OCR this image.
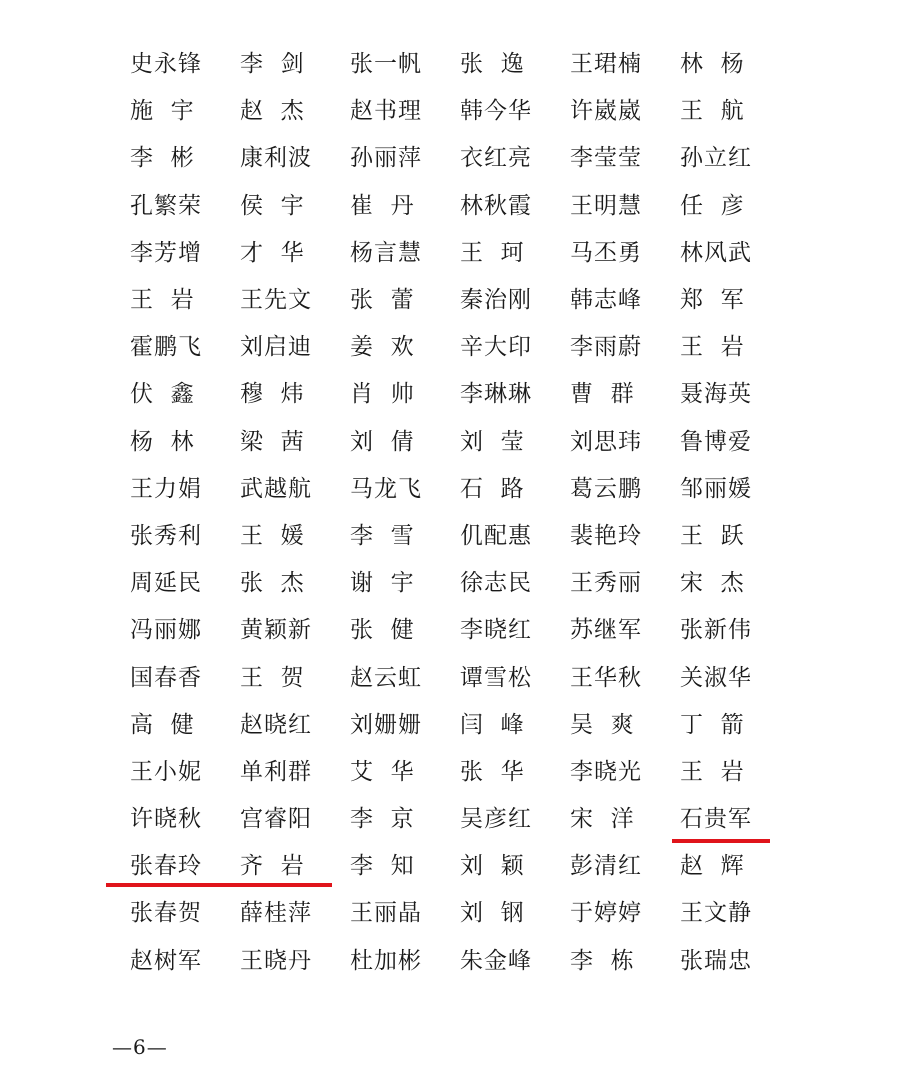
史永锋	李  剑	张一帆	张  逸	王珺楠	林  杨
施  宇	赵  杰	赵书理	韩今华	许崴崴	王  航
李  彬	康利波	孙丽萍	衣红亮	李莹莹	孙立红
孔繁荣	侯  宇	崔  丹	林秋霞	王明慧	任  彦
李芳增	才  华	杨言慧	王  珂	马丕勇	林风武
王  岩	王先文	张  蕾	秦治刚	韩志峰	郑  军
霍鹏飞	刘启迪	姜  欢	辛大印	李雨蔚	王  岩
伏  鑫	穆  炜	肖  帅	李琳琳	曹  群	聂海英
杨  林	梁  茜	刘  倩	刘  莹	刘思玮	鲁博爱
王力娟	武越航	马龙飞	石  路	葛云鹏	邹丽媛
张秀利	王  媛	李  雪	仉配惠	裴艳玲	王  跃
周延民	张  杰	谢  宇	徐志民	王秀丽	宋  杰
冯丽娜	黄颖新	张  健	李晓红	苏继军	张新伟
国春香	王  贺	赵云虹	谭雪松	王华秋	关淑华
高  健	赵晓红	刘姗姗	闫  峰	吴  爽	丁  箭
王小妮	单利群	艾  华	张  华	李晓光	王  岩
许晓秋	宫睿阳	李  京	吴彦红	宋  洋	石贵军
张春玲	齐  岩	李  知	刘  颖	彭清红	赵  辉
张春贺	薛桂萍	王丽晶	刘  钢	于婷婷	王文静
赵树军	王晓丹	杜加彬	朱金峰	李  栋	张瑞忠
—6—
